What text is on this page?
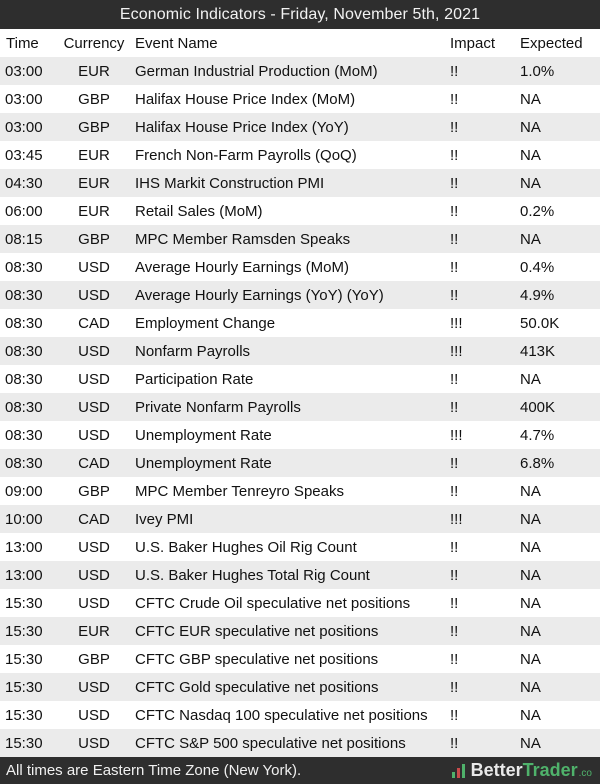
Economic Indicators - Friday, November 5th, 2021
Time	Currency	Event Name	Impact	Expected
03:00	EUR	German Industrial Production (MoM)	!!	1.0%
03:00	GBP	Halifax House Price Index (MoM)	!!	NA
03:00	GBP	Halifax House Price Index (YoY)	!!	NA
03:45	EUR	French Non-Farm Payrolls (QoQ)	!!	NA
04:30	EUR	IHS Markit Construction PMI	!!	NA
06:00	EUR	Retail Sales (MoM)	!!	0.2%
08:15	GBP	MPC Member Ramsden Speaks	!!	NA
08:30	USD	Average Hourly Earnings (MoM)	!!	0.4%
08:30	USD	Average Hourly Earnings (YoY) (YoY)	!!	4.9%
08:30	CAD	Employment Change	!!!	50.0K
08:30	USD	Nonfarm Payrolls	!!!	413K
08:30	USD	Participation Rate	!!	NA
08:30	USD	Private Nonfarm Payrolls	!!	400K
08:30	USD	Unemployment Rate	!!!	4.7%
08:30	CAD	Unemployment Rate	!!	6.8%
09:00	GBP	MPC Member Tenreyro Speaks	!!	NA
10:00	CAD	Ivey PMI	!!!	NA
13:00	USD	U.S. Baker Hughes Oil Rig Count	!!	NA
13:00	USD	U.S. Baker Hughes Total Rig Count	!!	NA
15:30	USD	CFTC Crude Oil speculative net positions	!!	NA
15:30	EUR	CFTC EUR speculative net positions	!!	NA
15:30	GBP	CFTC GBP speculative net positions	!!	NA
15:30	USD	CFTC Gold speculative net positions	!!	NA
15:30	USD	CFTC Nasdaq 100 speculative net positions	!!	NA
15:30	USD	CFTC S&P 500 speculative net positions	!!	NA
All times are Eastern Time Zone (New York).	Better Trader .co
